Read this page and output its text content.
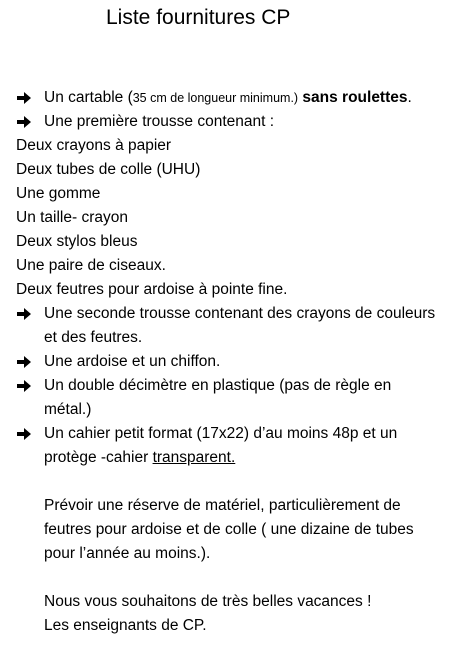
Liste fournitures CP
Un cartable (35 cm de longueur minimum.) sans roulettes.
Une première trousse contenant :
Deux crayons à papier
Deux tubes de colle (UHU)
Une gomme
Un taille- crayon
Deux stylos bleus
Une paire de ciseaux.
Deux feutres pour ardoise à pointe fine.
Une seconde trousse contenant des crayons de couleurs
et des feutres.
Une ardoise et un chiffon.
Un double décimètre en plastique (pas de règle en
métal.)
Un cahier petit format (17x22) d’au moins 48p et un
protège -cahier transparent.
Prévoir une réserve de matériel, particulièrement de
feutres pour ardoise et de colle ( une dizaine de tubes
pour l’année au moins.).
Nous vous souhaitons de très belles vacances !
Les enseignants de CP.
